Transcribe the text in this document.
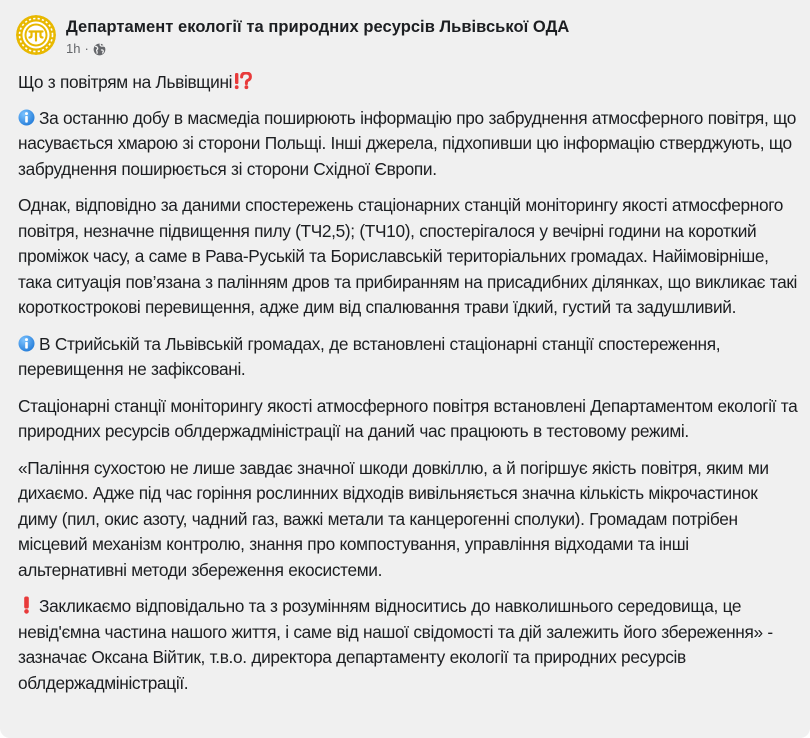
Департамент екології та природних ресурсів Львівської ОДА
1h ·

Що з повітрям на Львівщині

За останню добу в масмедіа поширюють інформацію про забруднення атмосферного повітря, що насувається хмарою зі сторони Польщі. Інші джерела, підхопивши цю інформацію стверджують, що забруднення поширюється зі сторони Східної Європи.

Однак, відповідно за даними спостережень стаціонарних станцій моніторингу якості атмосферного повітря, незначне підвищення пилу (ТЧ2,5); (ТЧ10), спостерігалося у вечірні години на короткий проміжок часу, а саме в Рава-Руській та Бориславській територіальних громадах. Найімовірніше, така ситуація пов’язана з палінням дров та прибиранням на присадибних ділянках, що викликає такі короткострокові перевищення, адже дим від спалювання трави їдкий, густий та задушливий.

В Стрийській та Львівській громадах, де встановлені стаціонарні станції спостереження, перевищення не зафіксовані.

Стаціонарні станції моніторингу якості атмосферного повітря встановлені Департаментом екології та природних ресурсів облдержадміністрації на даний час працюють в тестовому режимі.

«Паління сухостою не лише завдає значної шкоди довкіллю, а й погіршує якість повітря, яким ми дихаємо. Адже під час горіння рослинних відходів вивільняється значна кількість мікрочастинок диму (пил, окис азоту, чадний газ, важкі метали та канцерогенні сполуки). Громадам потрібен місцевий механізм контролю, знання про компостування, управління відходами та інші альтернативні методи збереження екосистеми.

Закликаємо відповідально та з розумінням відноситись до навколишнього середовища, це невід'ємна частина нашого життя, і саме від нашої свідомості та дій залежить його збереження» - зазначає Оксана Війтик, т.в.о. директора департаменту екології та природних ресурсів облдержадміністрації.
